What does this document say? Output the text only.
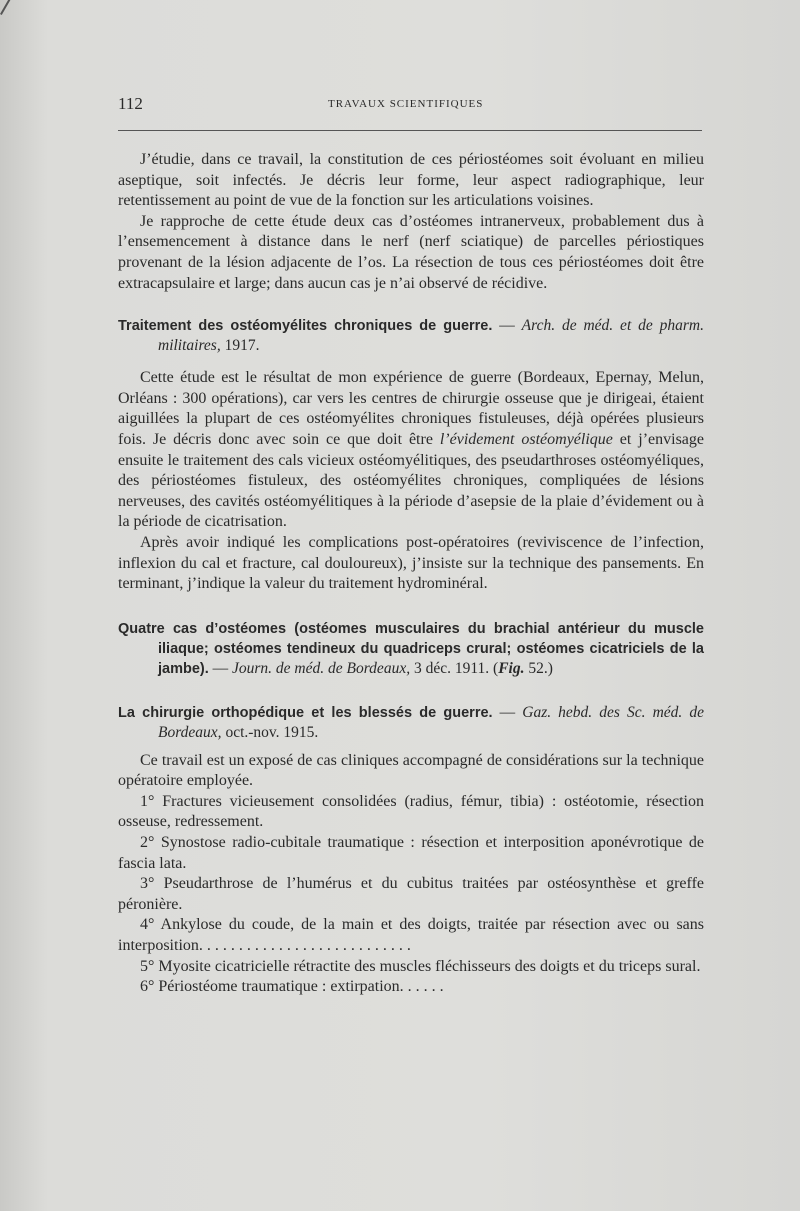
112	TRAVAUX SCIENTIFIQUES

J’étudie, dans ce travail, la constitution de ces périostéomes soit évoluant en milieu aseptique, soit infectés. Je décris leur forme, leur aspect radiographique, leur retentissement au point de vue de la fonction sur les articulations voisines.

Je rapproche de cette étude deux cas d’ostéomes intranerveux, probablement dus à l’ensemencement à distance dans le nerf (nerf sciatique) de parcelles périostiques provenant de la lésion adjacente de l’os. La résection de tous ces périostéomes doit être extracapsulaire et large; dans aucun cas je n’ai observé de récidive.

Traitement des ostéomyélites chroniques de guerre. — Arch. de méd. et de pharm. militaires, 1917.

Cette étude est le résultat de mon expérience de guerre (Bordeaux, Epernay, Melun, Orléans : 300 opérations), car vers les centres de chirurgie osseuse que je dirigeai, étaient aiguillées la plupart de ces ostéomyélites chroniques fistuleuses, déjà opérées plusieurs fois. Je décris donc avec soin ce que doit être l’évidement ostéomyélique et j’envisage ensuite le traitement des cals vicieux ostéomyélitiques, des pseudarthroses ostéomyéliques, des périostéomes fistuleux, des ostéomyélites chroniques, compliquées de lésions nerveuses, des cavités ostéomyélitiques à la période d’asepsie de la plaie d’évidement ou à la période de cicatrisation.

Après avoir indiqué les complications post-opératoires (reviviscence de l’infection, inflexion du cal et fracture, cal douloureux), j’insiste sur la technique des pansements. En terminant, j’indique la valeur du traitement hydrominéral.

Quatre cas d’ostéomes (ostéomes musculaires du brachial antérieur du muscle iliaque; ostéomes tendineux du quadriceps crural; ostéomes cicatriciels de la jambe). — Journ. de méd. de Bordeaux, 3 déc. 1911. (Fig. 52.)
La chirurgie orthopédique et les blessés de guerre. — Gaz. hebd. des Sc. méd. de Bordeaux, oct.-nov. 1915.

Ce travail est un exposé de cas cliniques accompagné de considérations sur la technique opératoire employée.

1° Fractures vicieusement consolidées (radius, fémur, tibia) : ostéotomie, résection osseuse, redressement.

2° Synostose radio-cubitale traumatique : résection et interposition aponévrotique de fascia lata.

3° Pseudarthrose de l’humérus et du cubitus traitées par ostéosynthèse et greffe péronière.

4° Ankylose du coude, de la main et des doigts, traitée par résection avec ou sans interposition. . . . . . . . . . . . . . . . . . . . . . . . . . .

5° Myosite cicatricielle rétractite des muscles fléchisseurs des doigts et du triceps sural.

6° Périostéome traumatique : extirpation. . . . . .
